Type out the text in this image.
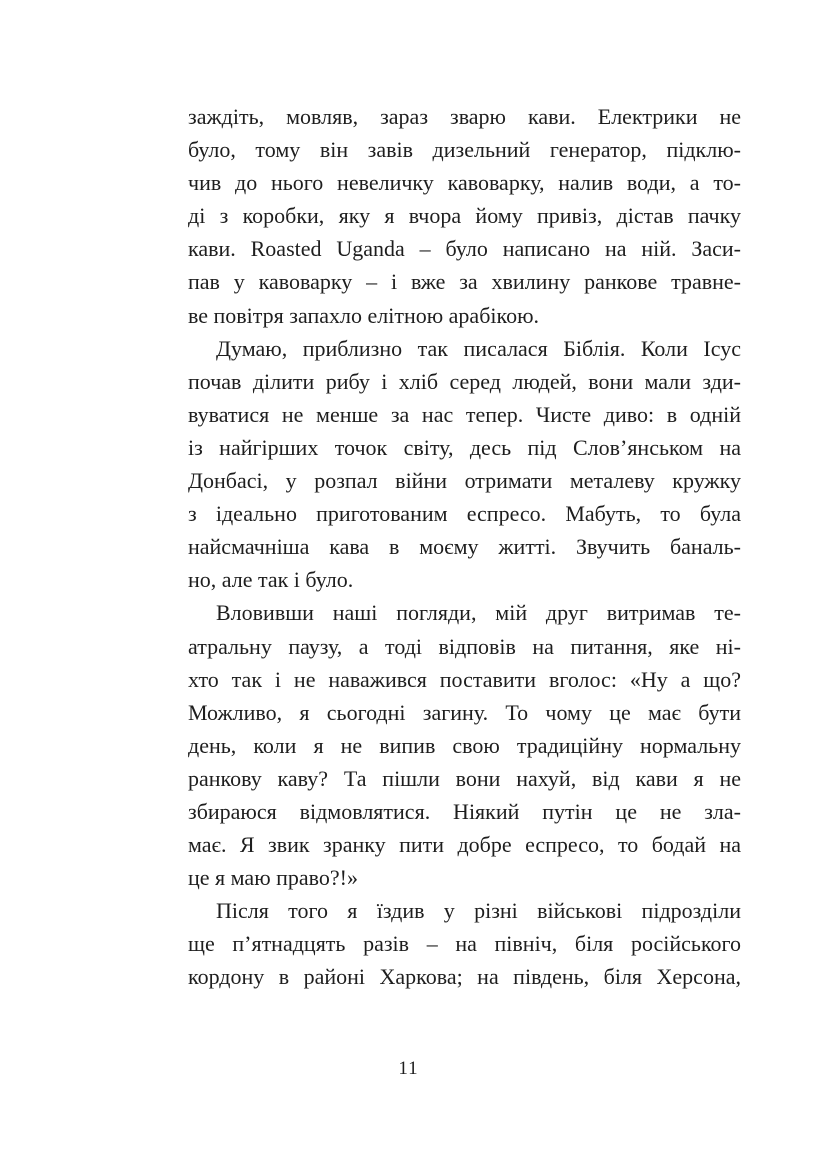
заждіть, мовляв, зараз зварю кави. Електрики не
було, тому він завів дизельний генератор, підклю-
чив до нього невеличку кавоварку, налив води, а то-
ді з коробки, яку я вчора йому привіз, дістав пачку
кави. Roasted Uganda – було написано на ній. Заси-
пав у кавоварку – і вже за хвилину ранкове травне-
ве повітря запахло елітною арабікою.
Думаю, приблизно так писалася Біблія. Коли Ісус
почав ділити рибу і хліб серед людей, вони мали зди-
вуватися не менше за нас тепер. Чисте диво: в одній
із найгірших точок світу, десь під Слов’янськом на
Донбасі, у розпал війни отримати металеву кружку
з ідеально приготованим еспресо. Мабуть, то була
найсмачніша кава в моєму житті. Звучить баналь-
но, але так і було.
Вловивши наші погляди, мій друг витримав те-
атральну паузу, а тоді відповів на питання, яке ні-
хто так і не наважився поставити вголос: «Ну а що?
Можливо, я сьогодні загину. То чому це має бути
день, коли я не випив свою традиційну нормальну
ранкову каву? Та пішли вони нахуй, від кави я не
збираюся відмовлятися. Ніякий путін це не зла-
має. Я звик зранку пити добре еспресо, то бодай на
це я маю право?!»
Після того я їздив у різні військові підрозділи
ще п’ятнадцять разів – на північ, біля російського
кордону в районі Харкова; на південь, біля Херсона,
11
